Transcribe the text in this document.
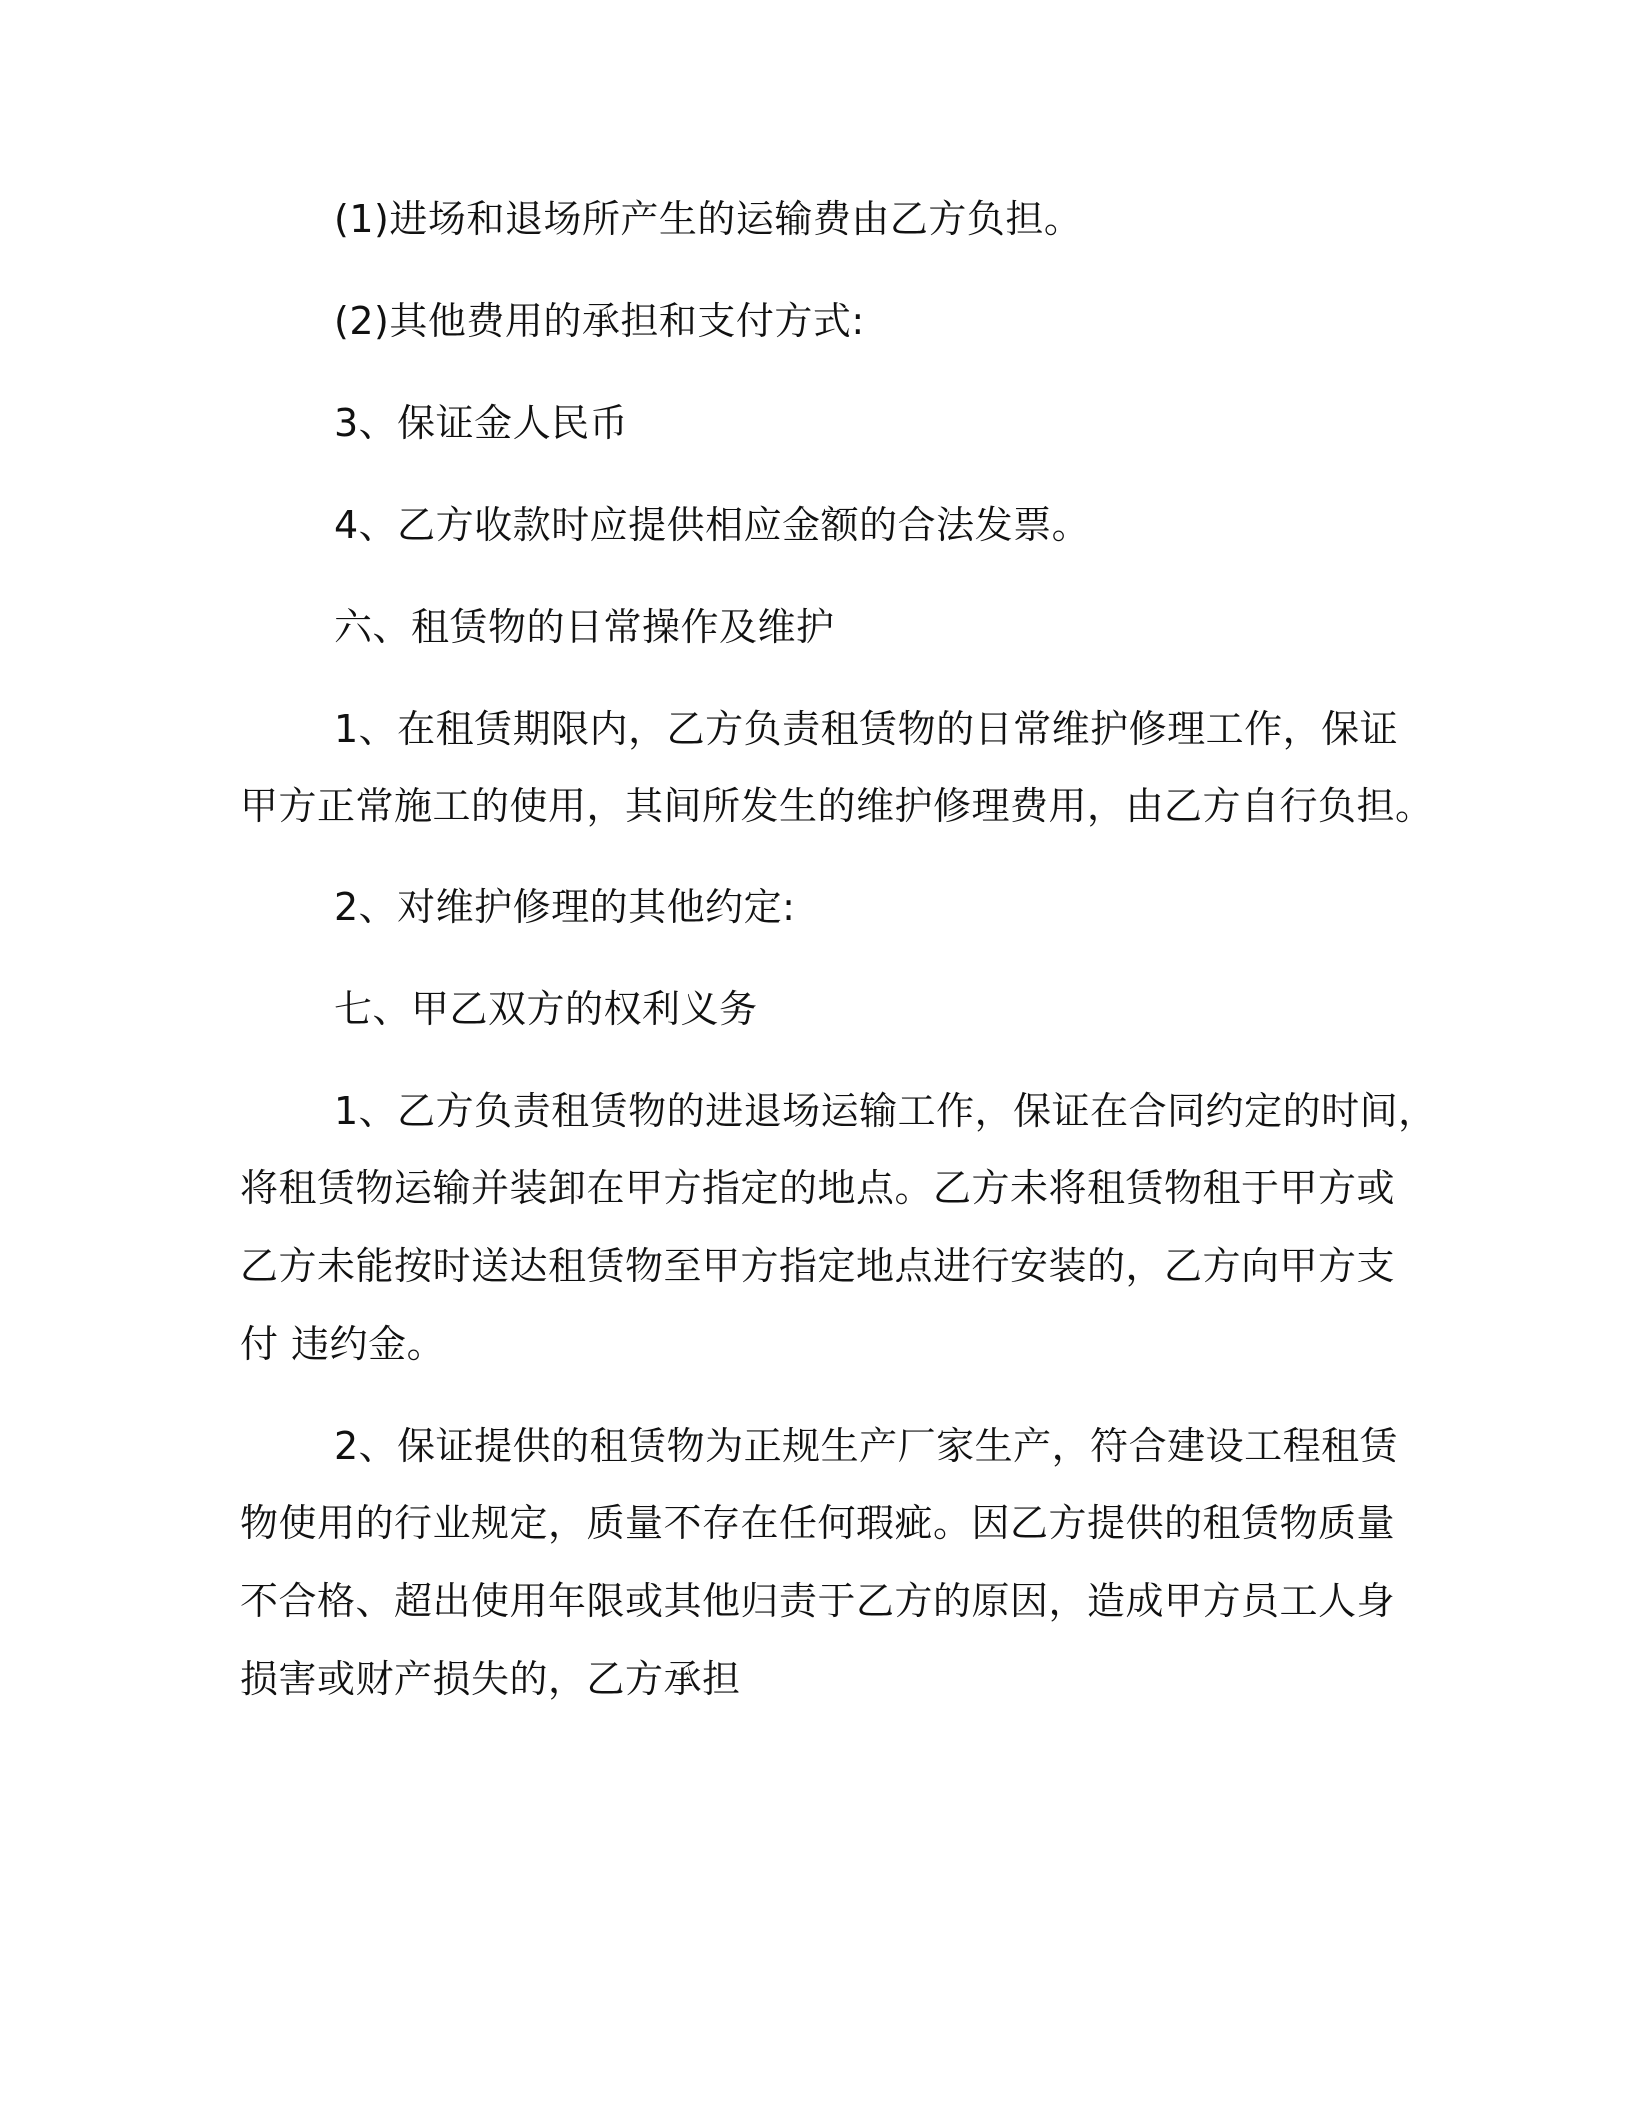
(1)进场和退场所产生的运输费由乙方负担。
(2)其他费用的承担和支付方式:
3、保证金人民币
4、乙方收款时应提供相应金额的合法发票。
六、租赁物的日常操作及维护
1、在租赁期限内，乙方负责租赁物的日常维护修理工作，保证
甲方正常施工的使用，其间所发生的维护修理费用，由乙方自行负担。
2、对维护修理的其他约定:
七、甲乙双方的权利义务
1、乙方负责租赁物的进退场运输工作，保证在合同约定的时间，
将租赁物运输并装卸在甲方指定的地点。乙方未将租赁物租于甲方或
乙方未能按时送达租赁物至甲方指定地点进行安装的，乙方向甲方支
付 违约金。
2、保证提供的租赁物为正规生产厂家生产，符合建设工程租赁
物使用的行业规定，质量不存在任何瑕疵。因乙方提供的租赁物质量
不合格、超出使用年限或其他归责于乙方的原因，造成甲方员工人身
损害或财产损失的，乙方承担
